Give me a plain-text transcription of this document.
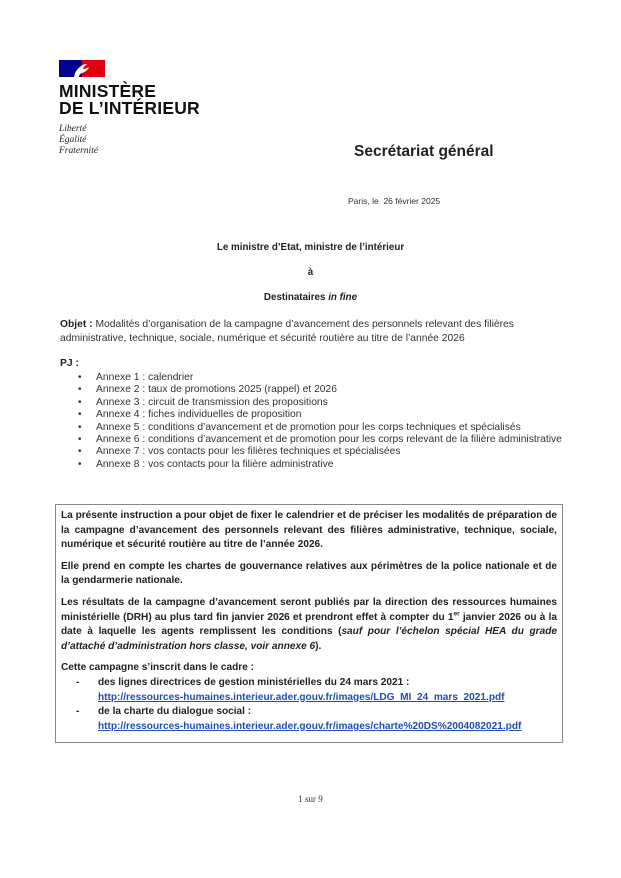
MINISTÈRE
DE L’INTÉRIEUR
Liberté
Égalité
Fraternité	Secrétariat général
Paris, le 26 février 2025
Le ministre d’Etat, ministre de l’intérieur
à
Destinataires in fine
Objet : Modalités d’organisation de la campagne d’avancement des personnels relevant des filières administrative, technique, sociale, numérique et sécurité routière au titre de l’année 2026
PJ :
• Annexe 1 : calendrier
• Annexe 2 : taux de promotions 2025 (rappel) et 2026
• Annexe 3 : circuit de transmission des propositions
• Annexe 4 : fiches individuelles de proposition
• Annexe 5 : conditions d’avancement et de promotion pour les corps techniques et spécialisés
• Annexe 6 : conditions d’avancement et de promotion pour les corps relevant de la filière administrative
• Annexe 7 : vos contacts pour les filières techniques et spécialisées
• Annexe 8 : vos contacts pour la filière administrative

La présente instruction a pour objet de fixer le calendrier et de préciser les modalités de préparation de la campagne d’avancement des personnels relevant des filières administrative, technique, sociale, numérique et sécurité routière au titre de l’année 2026.

Elle prend en compte les chartes de gouvernance relatives aux périmètres de la police nationale et de la gendarmerie nationale.

Les résultats de la campagne d’avancement seront publiés par la direction des ressources humaines ministérielle (DRH) au plus tard fin janvier 2026 et prendront effet à compter du 1er janvier 2026 ou à la date à laquelle les agents remplissent les conditions (sauf pour l’échelon spécial HEA du grade d’attaché d’administration hors classe, voir annexe 6).

Cette campagne s’inscrit dans le cadre :

- des lignes directrices de gestion ministérielles du 24 mars 2021 :
http://ressources-humaines.interieur.ader.gouv.fr/images/LDG_MI_24_mars_2021.pdf
- de la charte du dialogue social :
http://ressources-humaines.interieur.ader.gouv.fr/images/charte%20DS%2004082021.pdf
1 sur 9
